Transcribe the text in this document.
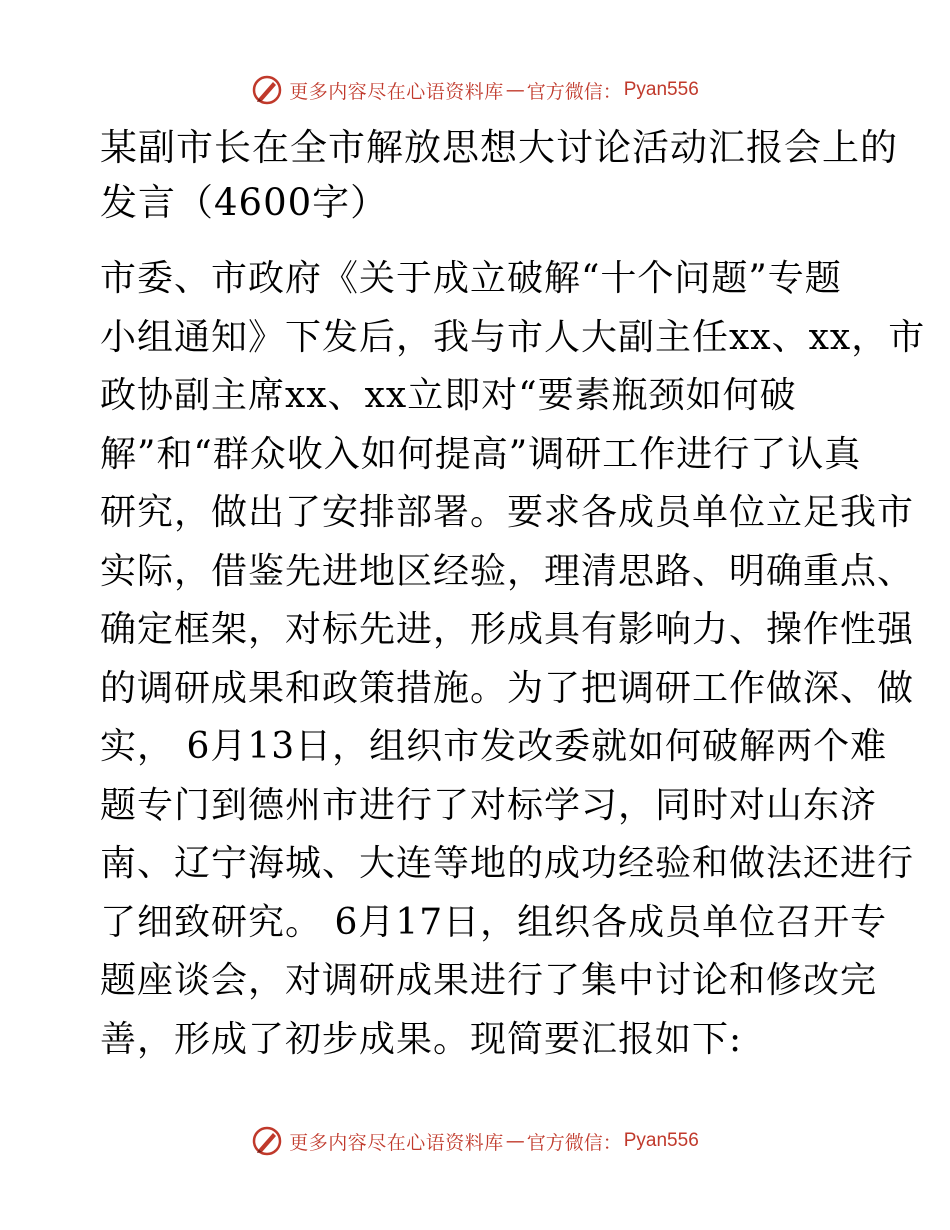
更多内容尽在心语资料库 — 官方微信： Pyan556
某副市长在全市解放思想大讨论活动汇报会上的
发言（4600字）
市委、市政府《关于成立破解“十个问题”专题
小组通知》下发后，我与市人大副主任xx、xx，市
政协副主席xx、xx立即对“要素瓶颈如何破
解”和“群众收入如何提高”调研工作进行了认真
研究，做出了安排部署。要求各成员单位立足我市
实际，借鉴先进地区经验，理清思路、明确重点、
确定框架，对标先进，形成具有影响力、操作性强
的调研成果和政策措施。为了把调研工作做深、做
实， 6月13日，组织市发改委就如何破解两个难
题专门到德州市进行了对标学习，同时对山东济
南、辽宁海城、大连等地的成功经验和做法还进行
了细致研究。 6月17日，组织各成员单位召开专
题座谈会，对调研成果进行了集中讨论和修改完
善，形成了初步成果。现简要汇报如下:
更多内容尽在心语资料库 — 官方微信： Pyan556
